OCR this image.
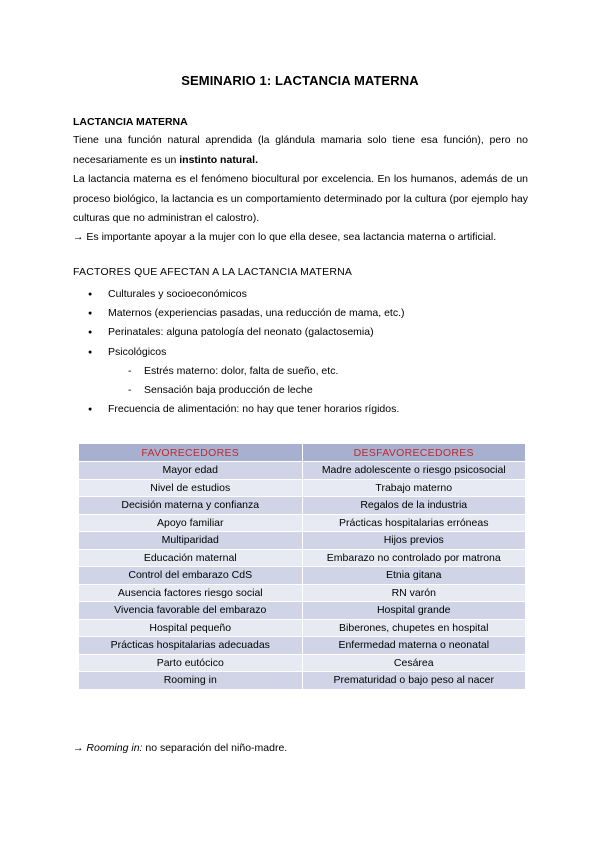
SEMINARIO 1: LACTANCIA MATERNA
LACTANCIA MATERNA

Tiene una función natural aprendida (la glándula mamaria solo tiene esa función), pero no necesariamente es un instinto natural.

La lactancia materna es el fenómeno biocultural por excelencia. En los humanos, además de un proceso biológico, la lactancia es un comportamiento determinado por la cultura (por ejemplo hay culturas que no administran el calostro).

→ Es importante apoyar a la mujer con lo que ella desee, sea lactancia materna o artificial.

FACTORES QUE AFECTAN A LA LACTANCIA MATERNA
● Culturales y socioeconómicos
● Maternos (experiencias pasadas, una reducción de mama, etc.)
● Perinatales: alguna patología del neonato (galactosemia)
● Psicológicos
- Estrés materno: dolor, falta de sueño, etc.
- Sensación baja producción de leche
● Frecuencia de alimentación: no hay que tener horarios rígidos.
FAVORECEDORES	DESFAVORECEDORES
Mayor edad	Madre adolescente o riesgo psicosocial
Nivel de estudios	Trabajo materno
Decisión materna y confianza	Regalos de la industria
Apoyo familiar	Prácticas hospitalarias erróneas
Multiparidad	Hijos previos
Educación maternal	Embarazo no controlado por matrona
Control del embarazo CdS	Etnia gitana
Ausencia factores riesgo social	RN varón
Vivencia favorable del embarazo	Hospital grande
Hospital pequeño	Biberones, chupetes en hospital
Prácticas hospitalarias adecuadas	Enfermedad materna o neonatal
Parto eutócico	Cesárea
Rooming in	Prematuridad o bajo peso al nacer
→ Rooming in: no separación del niño-madre.
